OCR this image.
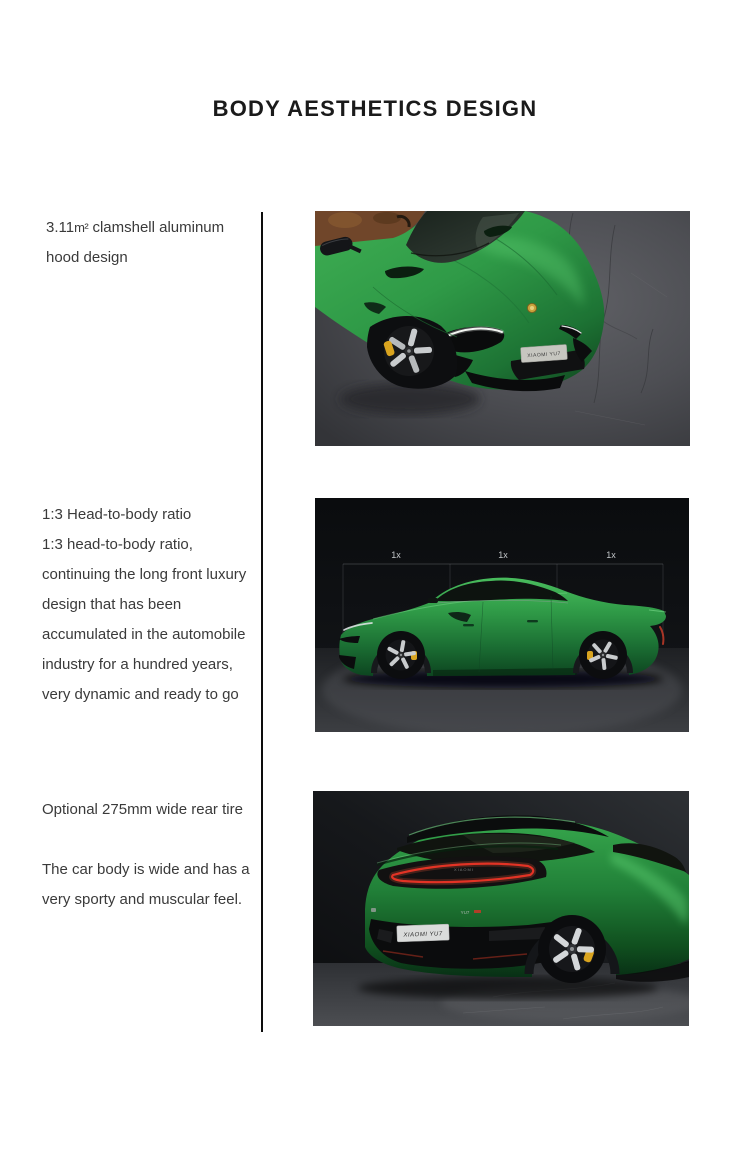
BODY AESTHETICS DESIGN

3.11m² clamshell aluminum hood design

1:3 Head-to-body ratio

1:3 head-to-body ratio, continuing the long front luxury design that has been accumulated in the automobile industry for a hundred years, very dynamic and ready to go

Optional 275mm wide rear tire

The car body is wide and has a very sporty and muscular feel.

XIAOMI YU7
1x	1x	1x
XIAOMI
YU7
XIAOMI YU7
